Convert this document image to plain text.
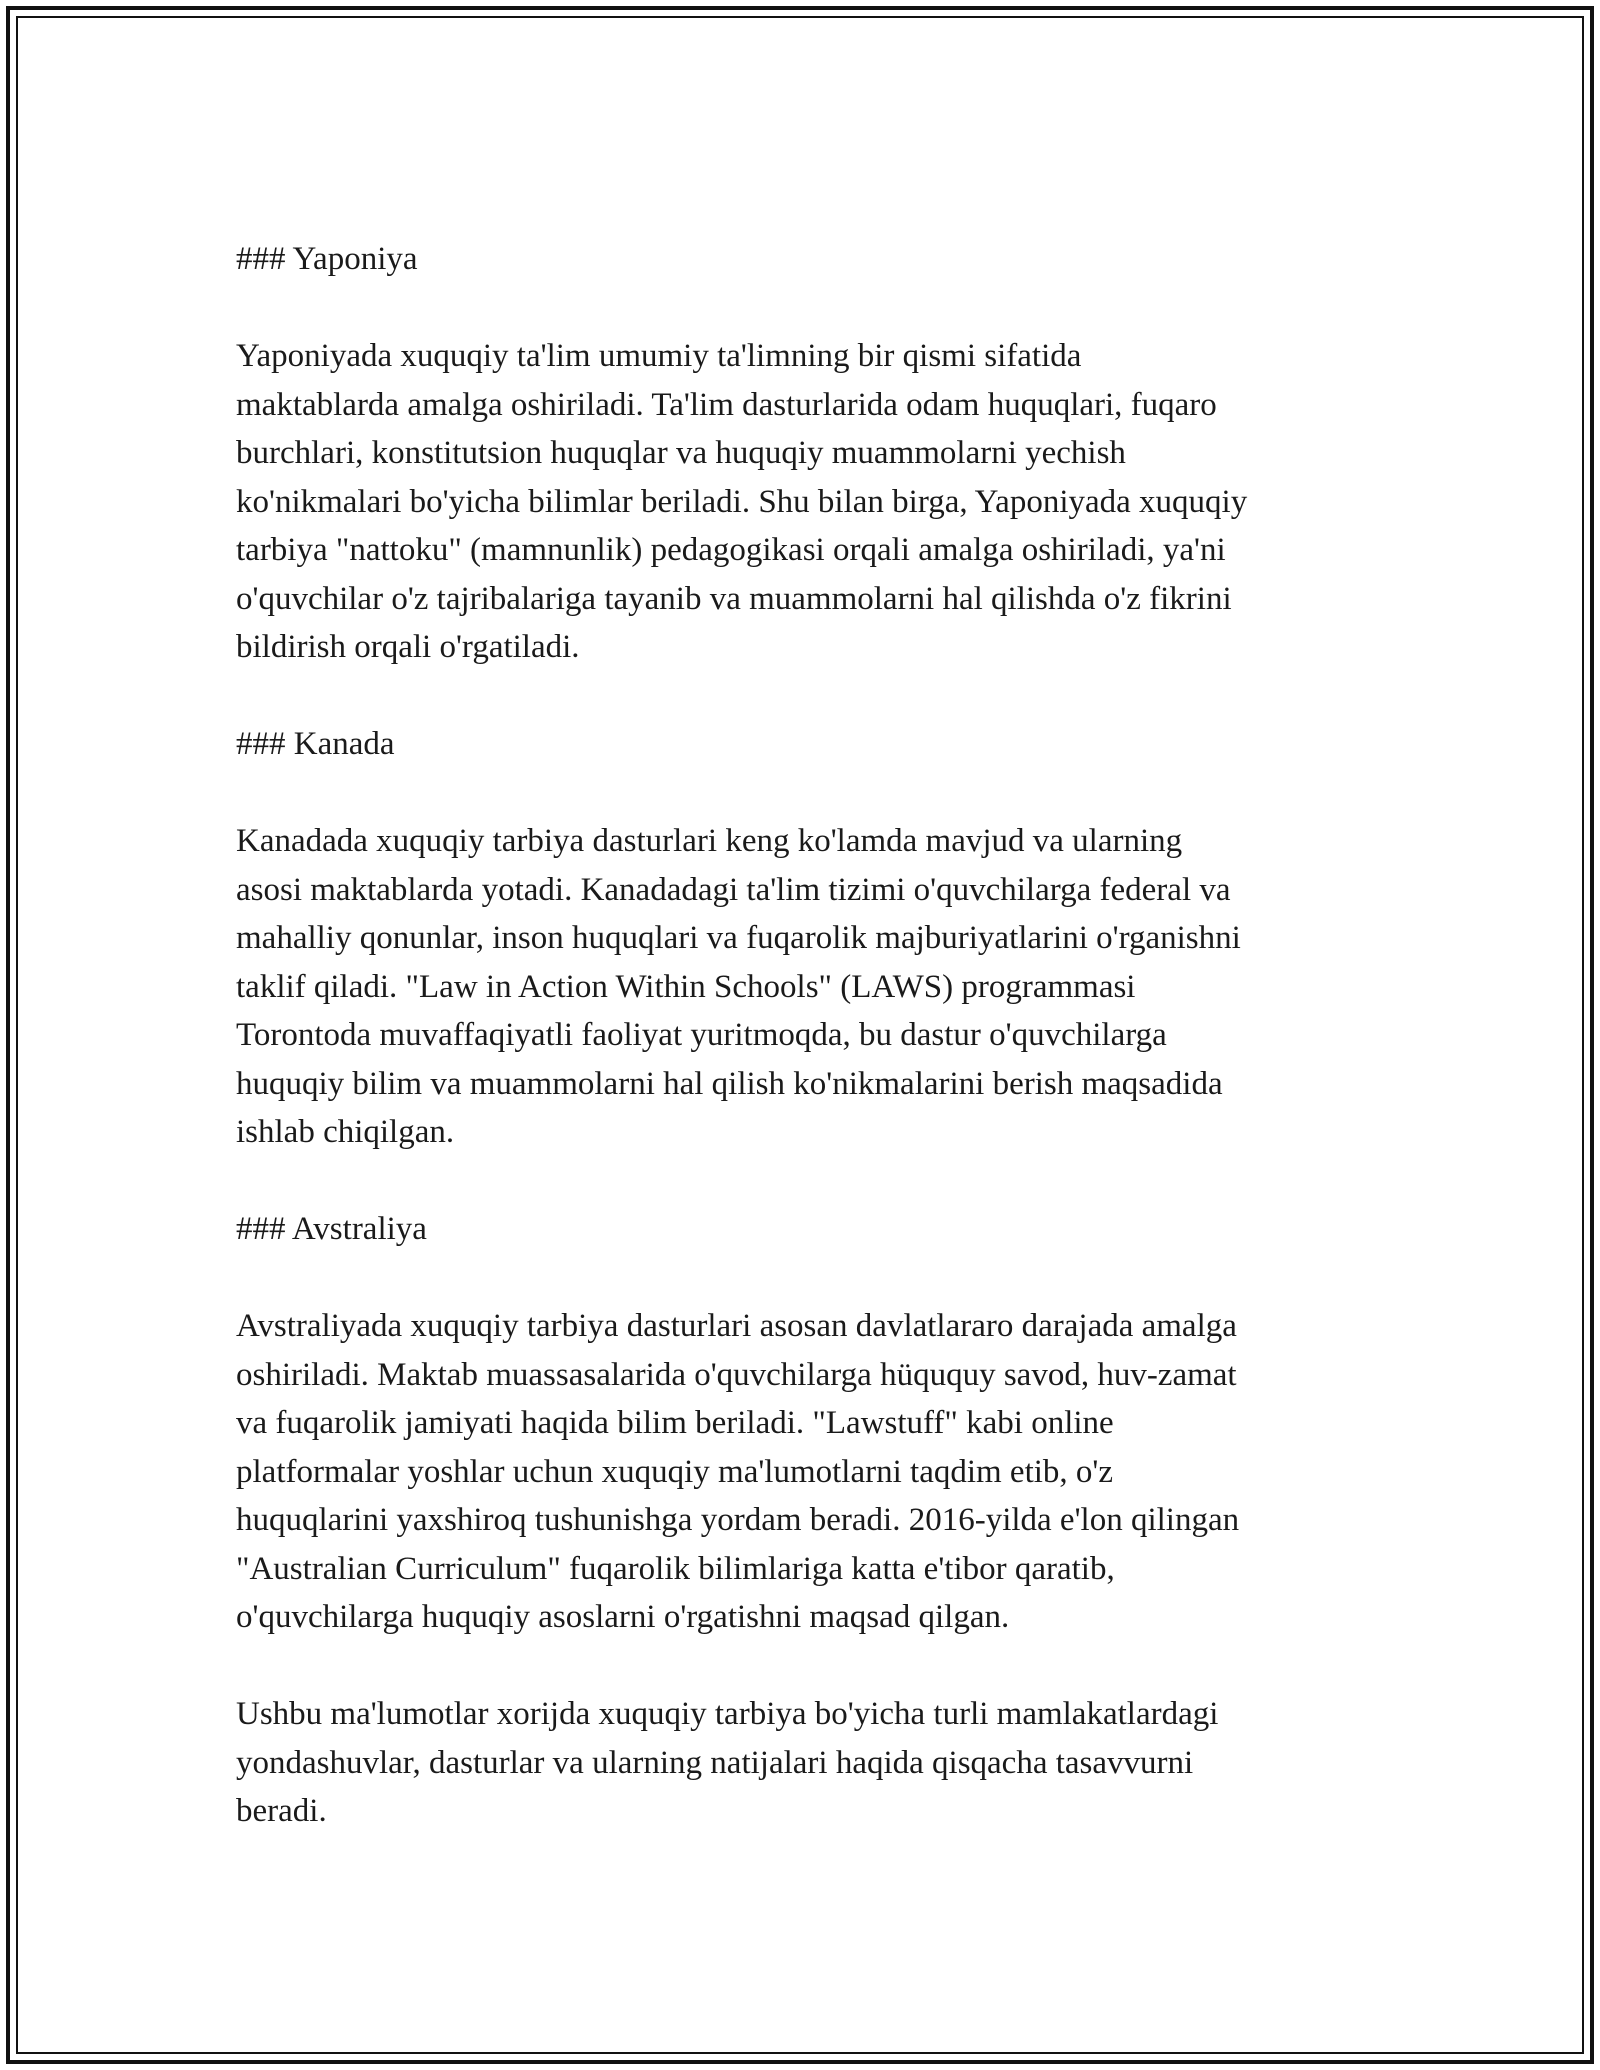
### Yaponiya

Yaponiyada xuquqiy ta'lim umumiy ta'limning bir qismi sifatida
maktablarda amalga oshiriladi. Ta'lim dasturlarida odam huquqlari, fuqaro
burchlari, konstitutsion huquqlar va huquqiy muammolarni yechish
ko'nikmalari bo'yicha bilimlar beriladi. Shu bilan birga, Yaponiyada xuquqiy
tarbiya "nattoku" (mamnunlik) pedagogikasi orqali amalga oshiriladi, ya'ni
o'quvchilar o'z tajribalariga tayanib va muammolarni hal qilishda o'z fikrini
bildirish orqali o'rgatiladi.

### Kanada

Kanadada xuquqiy tarbiya dasturlari keng ko'lamda mavjud va ularning
asosi maktablarda yotadi. Kanadadagi ta'lim tizimi o'quvchilarga federal va
mahalliy qonunlar, inson huquqlari va fuqarolik majburiyatlarini o'rganishni
taklif qiladi. "Law in Action Within Schools" (LAWS) programmasi
Torontoda muvaffaqiyatli faoliyat yuritmoqda, bu dastur o'quvchilarga
huquqiy bilim va muammolarni hal qilish ko'nikmalarini berish maqsadida
ishlab chiqilgan.

### Avstraliya

Avstraliyada xuquqiy tarbiya dasturlari asosan davlatlararo darajada amalga
oshiriladi. Maktab muassasalarida o'quvchilarga hüququy savod, huv-zamat
va fuqarolik jamiyati haqida bilim beriladi. "Lawstuff" kabi online
platformalar yoshlar uchun xuquqiy ma'lumotlarni taqdim etib, o'z
huquqlarini yaxshiroq tushunishga yordam beradi. 2016-yilda e'lon qilingan
"Australian Curriculum" fuqarolik bilimlariga katta e'tibor qaratib,
o'quvchilarga huquqiy asoslarni o'rgatishni maqsad qilgan.
Ushbu ma'lumotlar xorijda xuquqiy tarbiya bo'yicha turli mamlakatlardagi
yondashuvlar, dasturlar va ularning natijalari haqida qisqacha tasavvurni
beradi.
